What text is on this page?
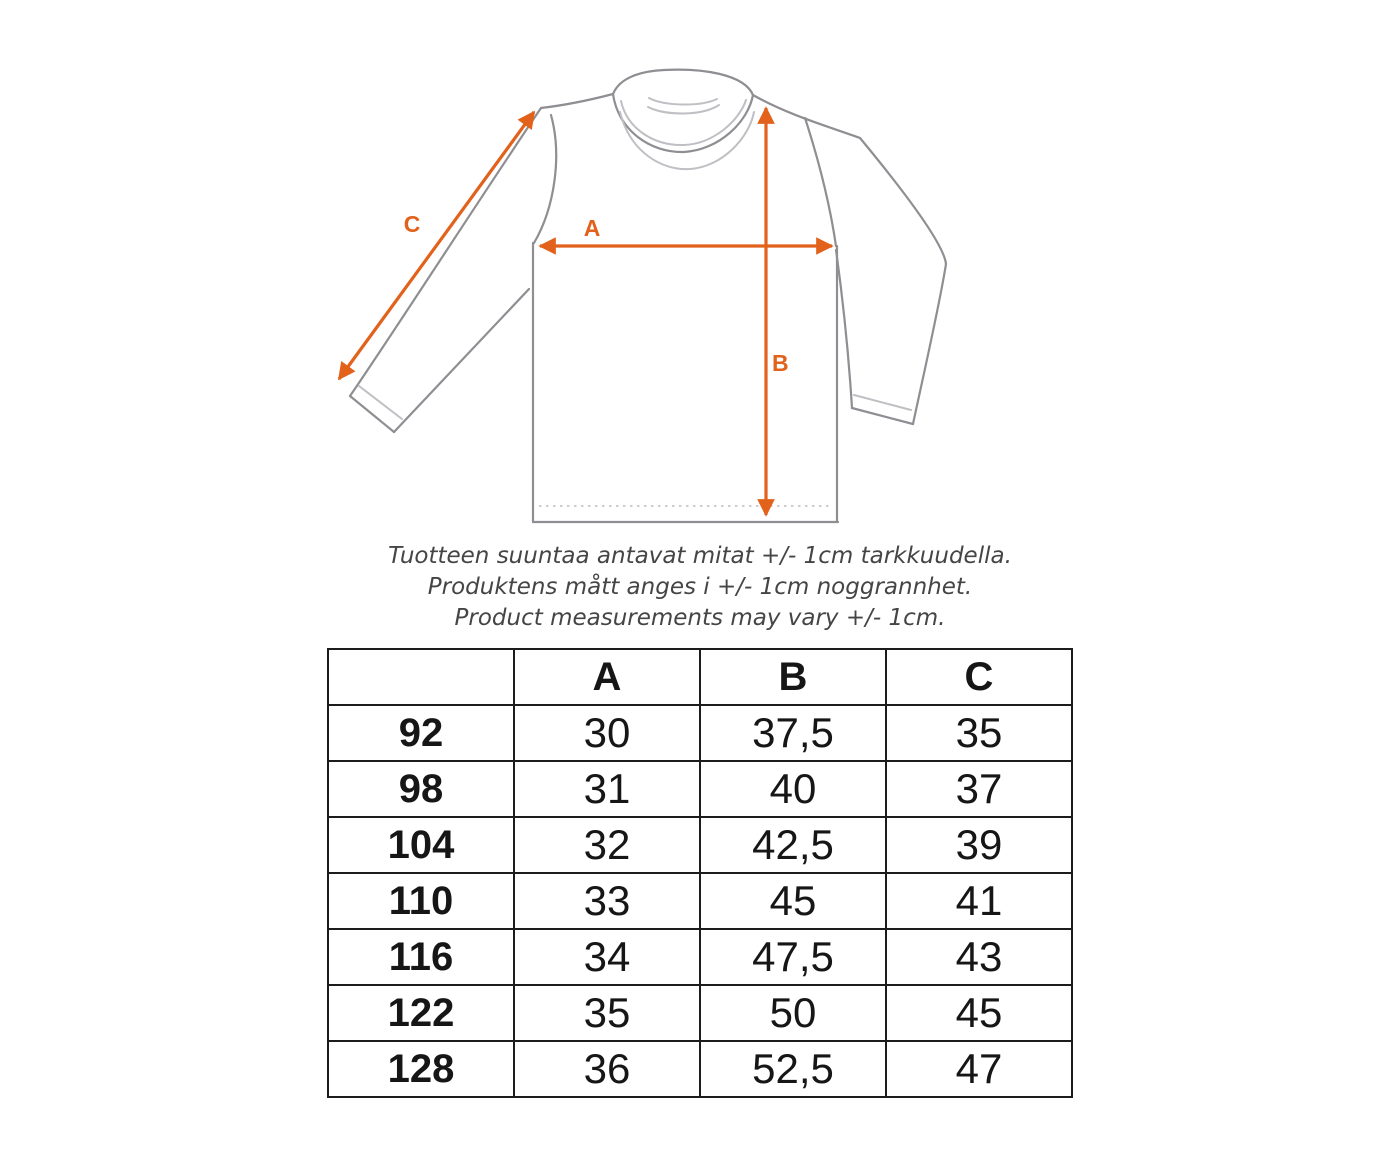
C	A
B
Tuotteen suuntaa antavat mitat +/- 1cm tarkkuudella.
Produktens mått anges i +/- 1cm noggrannhet.
Product measurements may vary +/- 1cm.
	A	B	C
92	30	37,5	35
98	31	40	37
104	32	42,5	39
110	33	45	41
116	34	47,5	43
122	35	50	45
128	36	52,5	47
